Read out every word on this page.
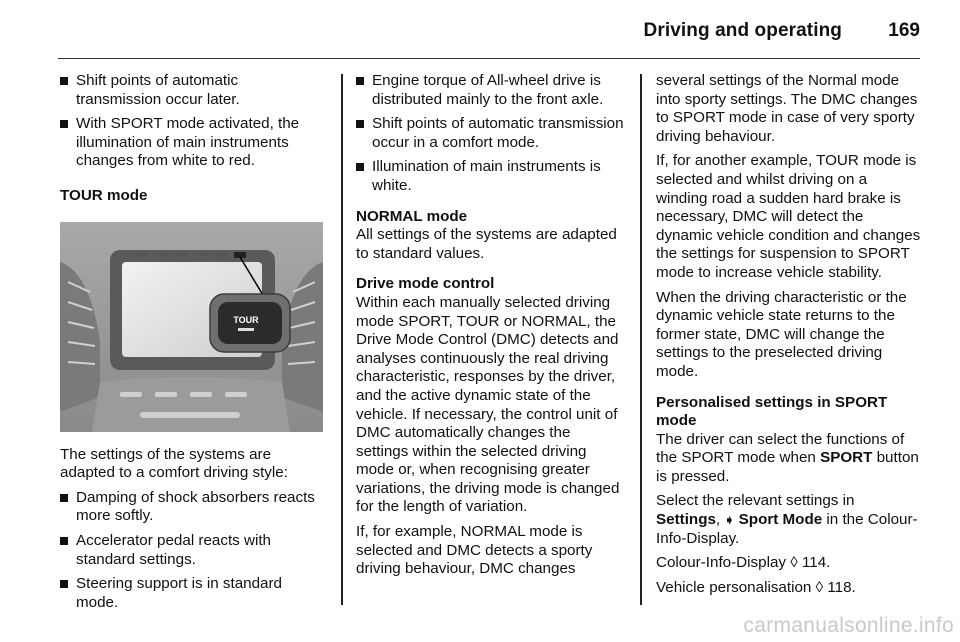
Driving and operating 169
Shift points of automatic transmission occur later.
With SPORT mode activated, the illumination of main instruments changes from white to red.
TOUR mode
TOUR

The settings of the systems are adapted to a comfort driving style:

Damping of shock absorbers reacts more softly.
Accelerator pedal reacts with standard settings.
Steering support is in standard mode.
Engine torque of All-wheel drive is distributed mainly to the front axle.
Shift points of automatic transmission occur in a comfort mode.
Illumination of main instruments is white.
NORMAL mode

All settings of the systems are adapted to standard values.

Drive mode control

Within each manually selected driving mode SPORT, TOUR or NORMAL, the Drive Mode Control (DMC) detects and analyses continuously the real driving characteristic, responses by the driver, and the active dynamic state of the vehicle. If necessary, the control unit of DMC automatically changes the settings within the selected driving mode or, when recognising greater variations, the driving mode is changed for the length of variation.

If, for example, NORMAL mode is selected and DMC detects a sporty driving behaviour, DMC changes

several settings of the Normal mode into sporty settings. The DMC changes to SPORT mode in case of very sporty driving behaviour.

If, for another example, TOUR mode is selected and whilst driving on a winding road a sudden hard brake is necessary, DMC will detect the dynamic vehicle condition and changes the settings for suspension to SPORT mode to increase vehicle stability.

When the driving characteristic or the dynamic vehicle state returns to the former state, DMC will change the settings to the preselected driving mode.

Personalised settings in SPORT mode

The driver can select the functions of the SPORT mode when SPORT button is pressed.

Select the relevant settings in Settings, ➧ Sport Mode in the Colour-Info-Display.

Colour-Info-Display ◊ 114.

Vehicle personalisation ◊ 118.

carmanualsonline.info
